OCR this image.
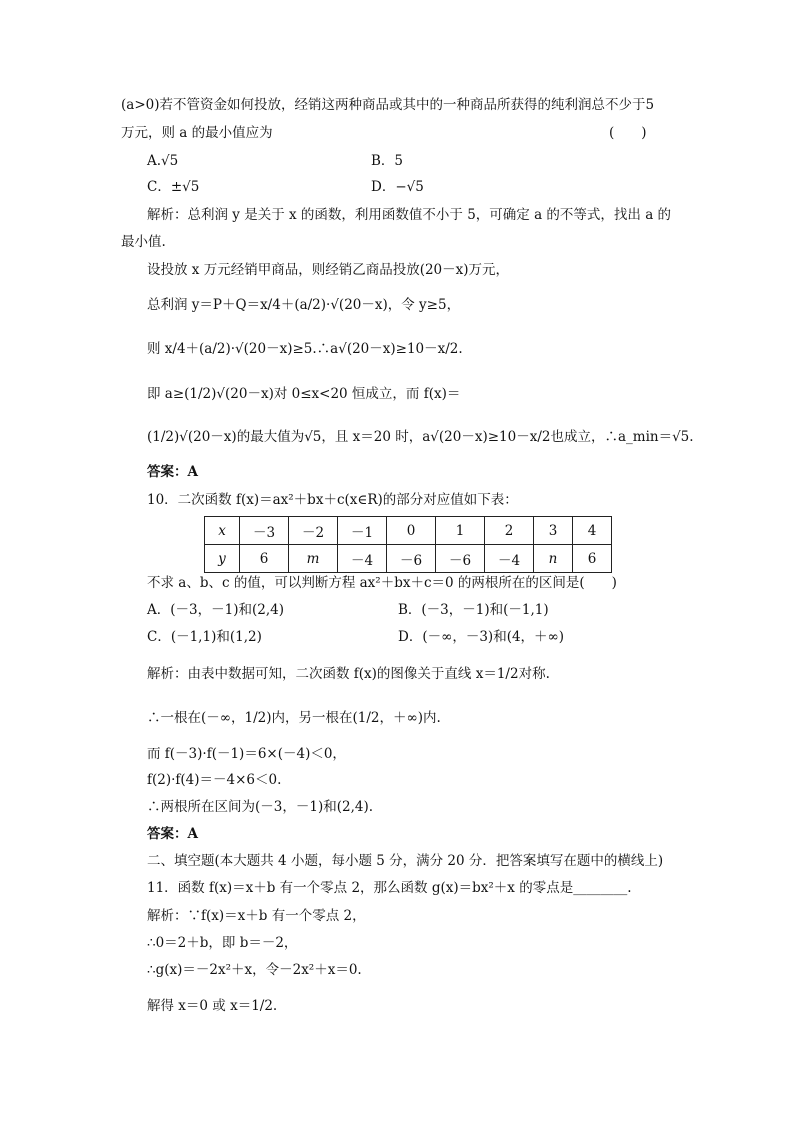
(a>0)若不管资金如何投放，经销这两种商品或其中的一种商品所获得的纯利润总不少于5
万元，则 a 的最小值应为	(　　)
A.√5	B．5
C．±√5	D．−√5
解析：总利润 y 是关于 x 的函数，利用函数值不小于 5，可确定 a 的不等式，找出 a 的
最小值.
设投放 x 万元经销甲商品，则经销乙商品投放(20－x)万元，
总利润 y＝P＋Q＝x/4＋(a/2)·√(20－x)，令 y≥5，
则 x/4＋(a/2)·√(20－x)≥5.∴a√(20－x)≥10－x/2.
即 a≥(1/2)√(20－x)对 0≤x<20 恒成立，而 f(x)＝
(1/2)√(20－x)的最大值为√5，且 x＝20 时，a√(20－x)≥10－x/2也成立，∴a_min＝√5.
答案：A
10．二次函数 f(x)＝ax²＋bx＋c(x∈R)的部分对应值如下表：
x	－3	－2	－1	0	1	2	3	4
y	6	m	－4	－6	－6	－4	n	6
不求 a、b、c 的值，可以判断方程 ax²＋bx＋c＝0 的两根所在的区间是(　　)
A．(－3，－1)和(2,4)	B．(－3，－1)和(－1,1)
C．(－1,1)和(1,2)	D．(－∞，－3)和(4，＋∞)
解析：由表中数据可知，二次函数 f(x)的图像关于直线 x＝1/2对称.
∴一根在(－∞，1/2)内，另一根在(1/2，＋∞)内.
而 f(－3)·f(－1)＝6×(－4)＜0，
f(2)·f(4)＝－4×6＜0.
∴两根所在区间为(－3，－1)和(2,4).
答案：A
二、填空题(本大题共 4 小题，每小题 5 分，满分 20 分．把答案填写在题中的横线上)
11．函数 f(x)＝x＋b 有一个零点 2，那么函数 g(x)＝bx²＋x 的零点是________.
解析：∵f(x)＝x＋b 有一个零点 2，
∴0＝2＋b，即 b＝－2，
∴g(x)＝－2x²＋x，令－2x²＋x＝0.
解得 x＝0 或 x＝1/2.
